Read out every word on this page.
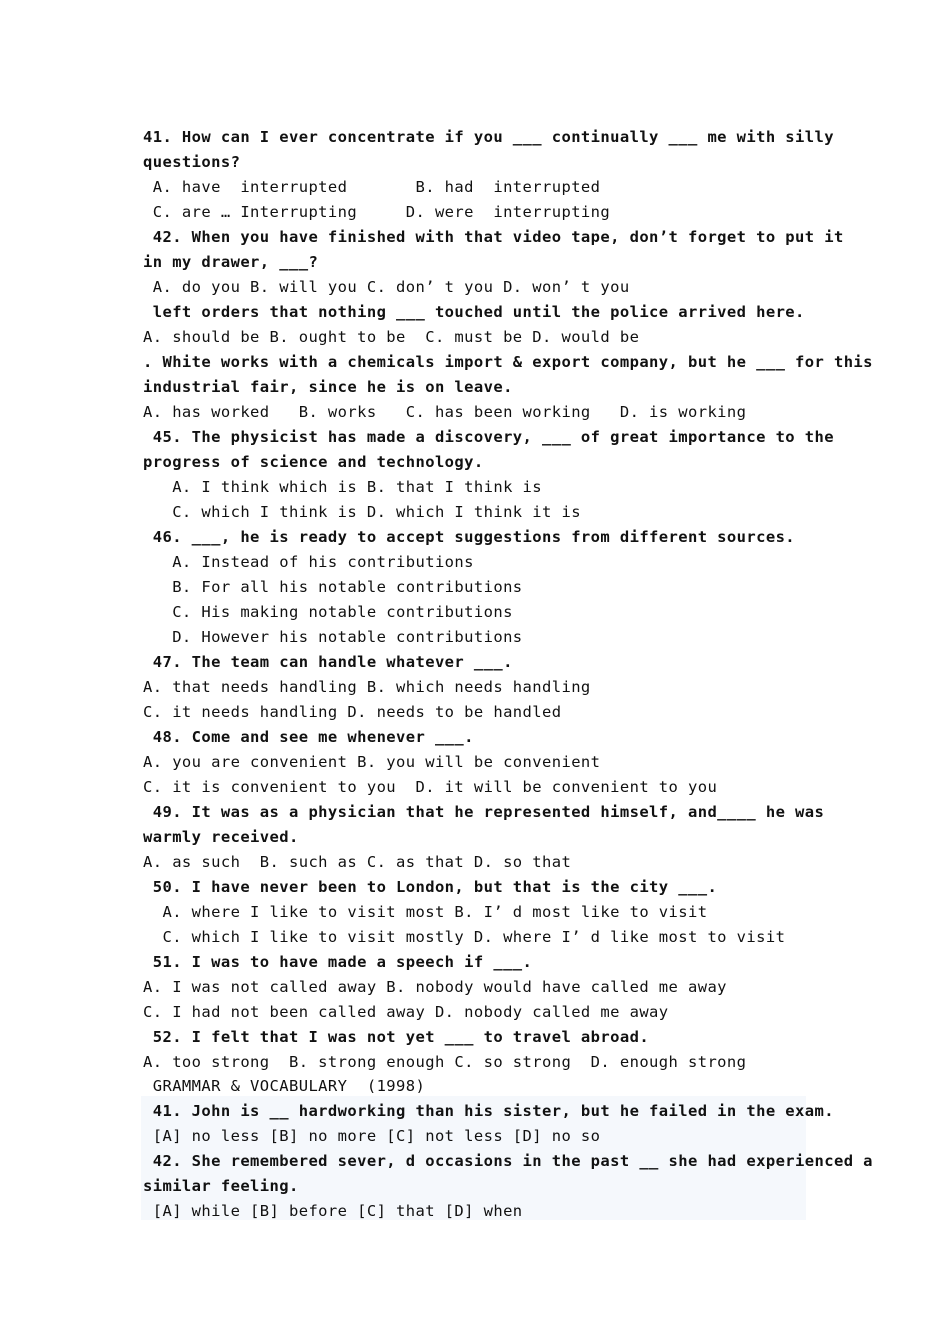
41. How can I ever concentrate if you ___ continually ___ me with silly
questions?
A. have  interrupted       B. had  interrupted
C. are … Interrupting     D. were  interrupting
42. When you have finished with that video tape, don’t forget to put it
in my drawer, ___?
A. do you B. will you C. don’ t you D. won’ t you
left orders that nothing ___ touched until the police arrived here.
A. should be B. ought to be  C. must be D. would be
. White works with a chemicals import & export company, but he ___ for this
industrial fair, since he is on leave.
A. has worked   B. works   C. has been working   D. is working
45. The physicist has made a discovery, ___ of great importance to the
progress of science and technology.
A. I think which is B. that I think is
C. which I think is D. which I think it is
46. ___, he is ready to accept suggestions from different sources.
A. Instead of his contributions
B. For all his notable contributions
C. His making notable contributions
D. However his notable contributions
47. The team can handle whatever ___.
A. that needs handling B. which needs handling
C. it needs handling D. needs to be handled
48. Come and see me whenever ___.
A. you are convenient B. you will be convenient
C. it is convenient to you  D. it will be convenient to you
49. It was as a physician that he represented himself, and____ he was
warmly received.
A. as such  B. such as C. as that D. so that
50. I have never been to London, but that is the city ___.
A. where I like to visit most B. I’ d most like to visit
C. which I like to visit mostly D. where I’ d like most to visit
51. I was to have made a speech if ___.
A. I was not called away B. nobody would have called me away
C. I had not been called away D. nobody called me away
52. I felt that I was not yet ___ to travel abroad.
A. too strong  B. strong enough C. so strong  D. enough strong
GRAMMAR & VOCABULARY  (1998)
41. John is __ hardworking than his sister, but he failed in the exam.
[A] no less [B] no more [C] not less [D] no so
42. She remembered sever, d occasions in the past __ she had experienced a
similar feeling.
[A] while [B] before [C] that [D] when
